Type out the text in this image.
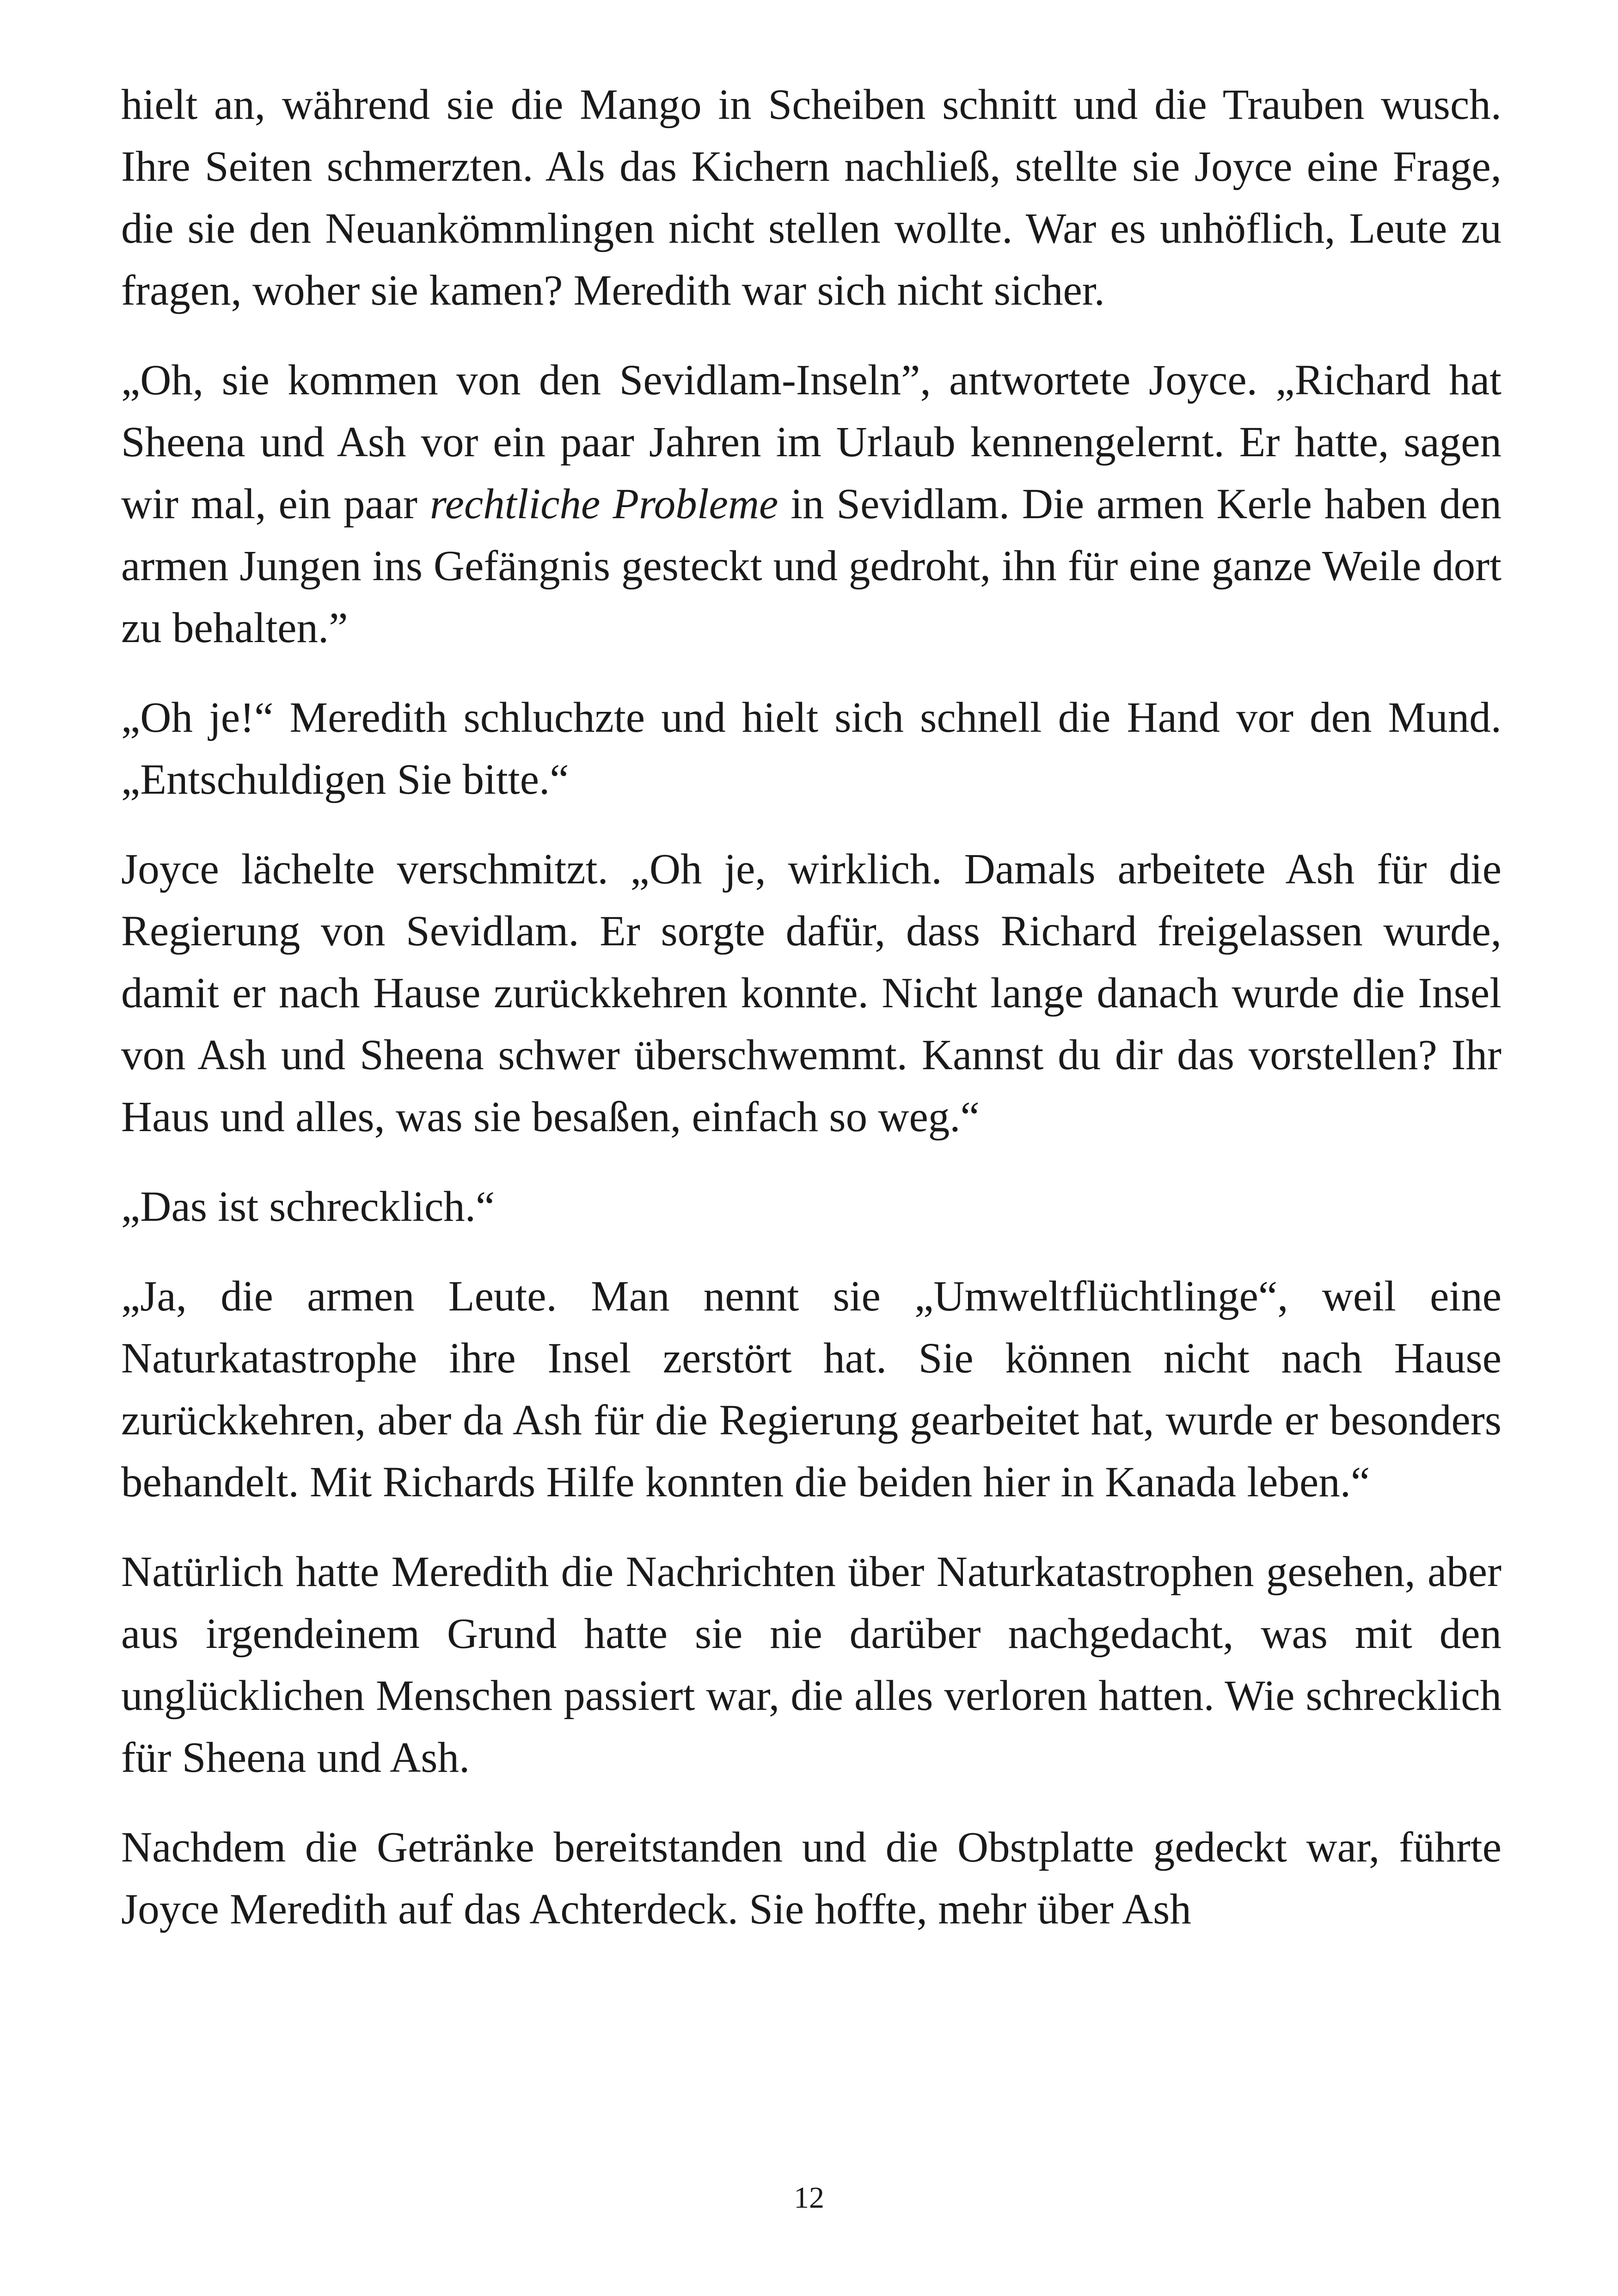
hielt an, während sie die Mango in Scheiben schnitt und die Trauben wusch. Ihre Seiten schmerzten. Als das Kichern nachließ, stellte sie Joyce eine Frage, die sie den Neuankömmlingen nicht stellen wollte. War es unhöflich, Leute zu fragen, woher sie kamen? Meredith war sich nicht sicher.

„Oh, sie kommen von den Sevidlam-Inseln”, antwortete Joyce. „Richard hat Sheena und Ash vor ein paar Jahren im Urlaub kennengelernt. Er hatte, sagen wir mal, ein paar rechtliche Probleme in Sevidlam. Die armen Kerle haben den armen Jungen ins Gefängnis gesteckt und gedroht, ihn für eine ganze Weile dort zu behalten.”

„Oh je!“ Meredith schluchzte und hielt sich schnell die Hand vor den Mund. „Entschuldigen Sie bitte.“

Joyce lächelte verschmitzt. „Oh je, wirklich. Damals arbeitete Ash für die Regierung von Sevidlam. Er sorgte dafür, dass Richard freigelassen wurde, damit er nach Hause zurückkehren konnte. Nicht lange danach wurde die Insel von Ash und Sheena schwer überschwemmt. Kannst du dir das vorstellen? Ihr Haus und alles, was sie besaßen, einfach so weg.“

„Das ist schrecklich.“

„Ja, die armen Leute. Man nennt sie „Umweltflüchtlinge“, weil eine Naturkatastrophe ihre Insel zerstört hat. Sie können nicht nach Hause zurückkehren, aber da Ash für die Regierung gearbeitet hat, wurde er besonders behandelt. Mit Richards Hilfe konnten die beiden hier in Kanada leben.“

Natürlich hatte Meredith die Nachrichten über Naturkatastrophen gesehen, aber aus irgendeinem Grund hatte sie nie darüber nachgedacht, was mit den unglücklichen Menschen passiert war, die alles verloren hatten. Wie schrecklich für Sheena und Ash.

Nachdem die Getränke bereitstanden und die Obstplatte gedeckt war, führte Joyce Meredith auf das Achterdeck. Sie hoffte, mehr über Ash

12
